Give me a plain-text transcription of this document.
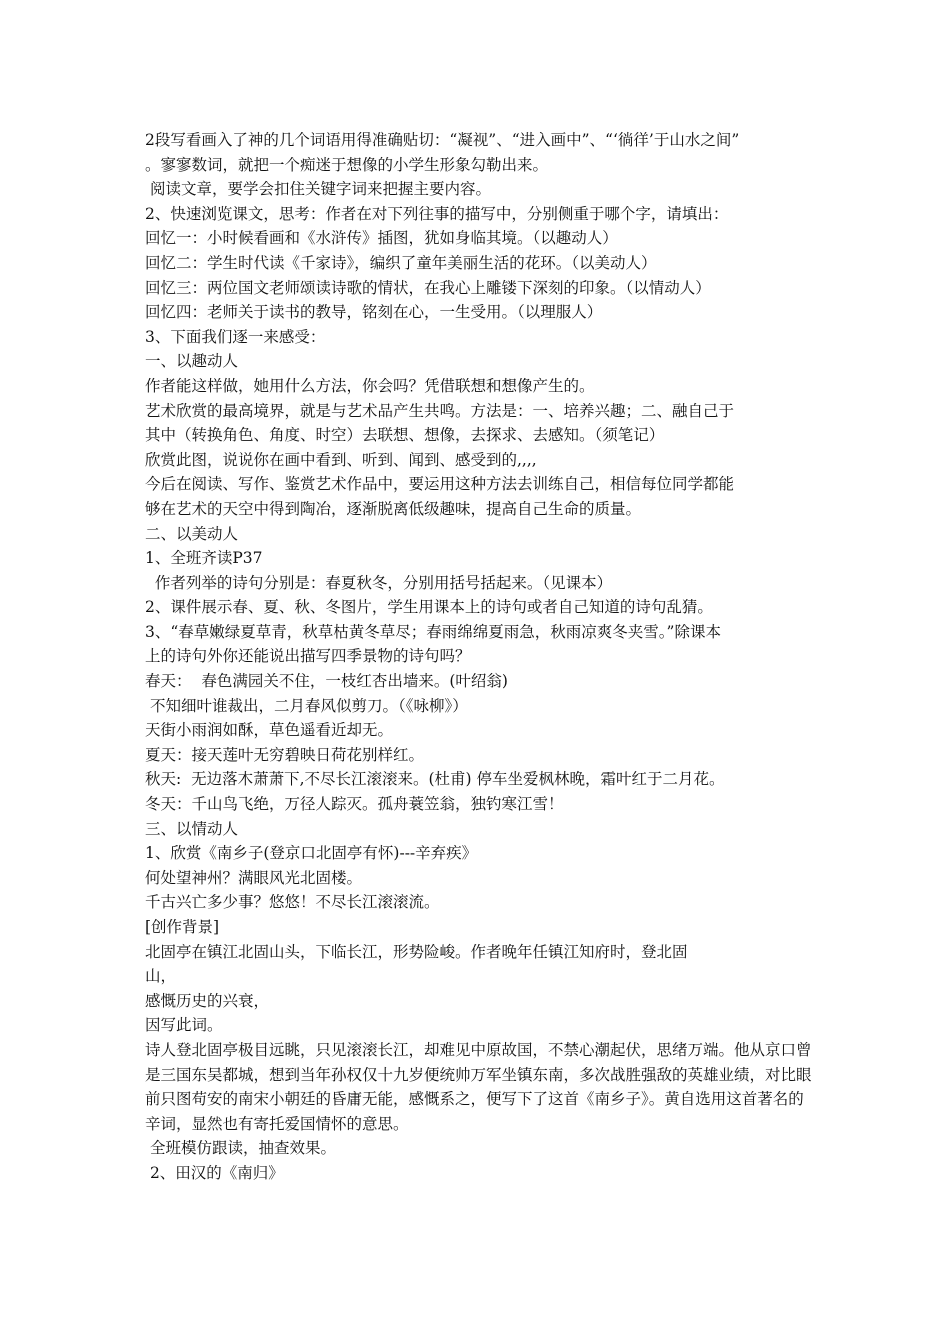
2段写看画入了神的几个词语用得准确贴切：“凝视”、“进入画中”、“‘徜徉’于山水之间”
。寥寥数词，就把一个痴迷于想像的小学生形象勾勒出来。
阅读文章，要学会扣住关键字词来把握主要内容。
2、快速浏览课文，思考：作者在对下列往事的描写中，分别侧重于哪个字，请填出：
回忆一：小时候看画和《水浒传》插图，犹如身临其境。（以趣动人）
回忆二：学生时代读《千家诗》，编织了童年美丽生活的花环。（以美动人）
回忆三：两位国文老师颂读诗歌的情状，在我心上雕镂下深刻的印象。（以情动人）
回忆四：老师关于读书的教导，铭刻在心，一生受用。（以理服人）
3、下面我们逐一来感受：
一、以趣动人
作者能这样做，她用什么方法，你会吗？凭借联想和想像产生的。
艺术欣赏的最高境界，就是与艺术品产生共鸣。方法是：一、培养兴趣；二、融自己于
其中（转换角色、角度、时空）去联想、想像，去探求、去感知。（须笔记）
欣赏此图，说说你在画中看到、听到、闻到、感受到的,,,,
今后在阅读、写作、鉴赏艺术作品中，要运用这种方法去训练自己，相信每位同学都能
够在艺术的天空中得到陶冶，逐渐脱离低级趣味，提高自己生命的质量。
二、以美动人
1、全班齐读P37
作者列举的诗句分别是：春夏秋冬，分别用括号括起来。（见课本）
2、课件展示春、夏、秋、冬图片，学生用课本上的诗句或者自己知道的诗句乱猜。
3、“春草嫩绿夏草青，秋草枯黄冬草尽；春雨绵绵夏雨急，秋雨凉爽冬夹雪。”除课本
上的诗句外你还能说出描写四季景物的诗句吗？
春天：  春色满园关不住，一枝红杏出墙来。(叶绍翁)
不知细叶谁裁出，二月春风似剪刀。（《咏柳》）
天街小雨润如酥，草色遥看近却无。
夏天：接天莲叶无穷碧映日荷花别样红。
秋天:  无边落木萧萧下,不尽长江滚滚来。(杜甫) 停车坐爱枫林晚，霜叶红于二月花。
冬天：千山鸟飞绝，万径人踪灭。孤舟蓑笠翁，独钓寒江雪！
三、以情动人
1、欣赏《南乡子(登京口北固亭有怀)---辛弃疾》
何处望神州？满眼风光北固楼。
千古兴亡多少事？悠悠！不尽长江滚滚流。
[创作背景]
北固亭在镇江北固山头，下临长江，形势险峻。作者晚年任镇江知府时，登北固
山，
感慨历史的兴衰，
因写此词。
诗人登北固亭极目远眺，只见滚滚长江，却难见中原故国，不禁心潮起伏，思绪万端。他从京口曾是三国东吴都城，想到当年孙权仅十九岁便统帅万军坐镇东南，多次战胜强敌的英雄业绩，对比眼前只图苟安的南宋小朝廷的昏庸无能，感慨系之，便写下了这首《南乡子》。黄自选用这首著名的辛词，显然也有寄托爱国情怀的意思。
全班模仿跟读，抽查效果。
2、田汉的《南归》
